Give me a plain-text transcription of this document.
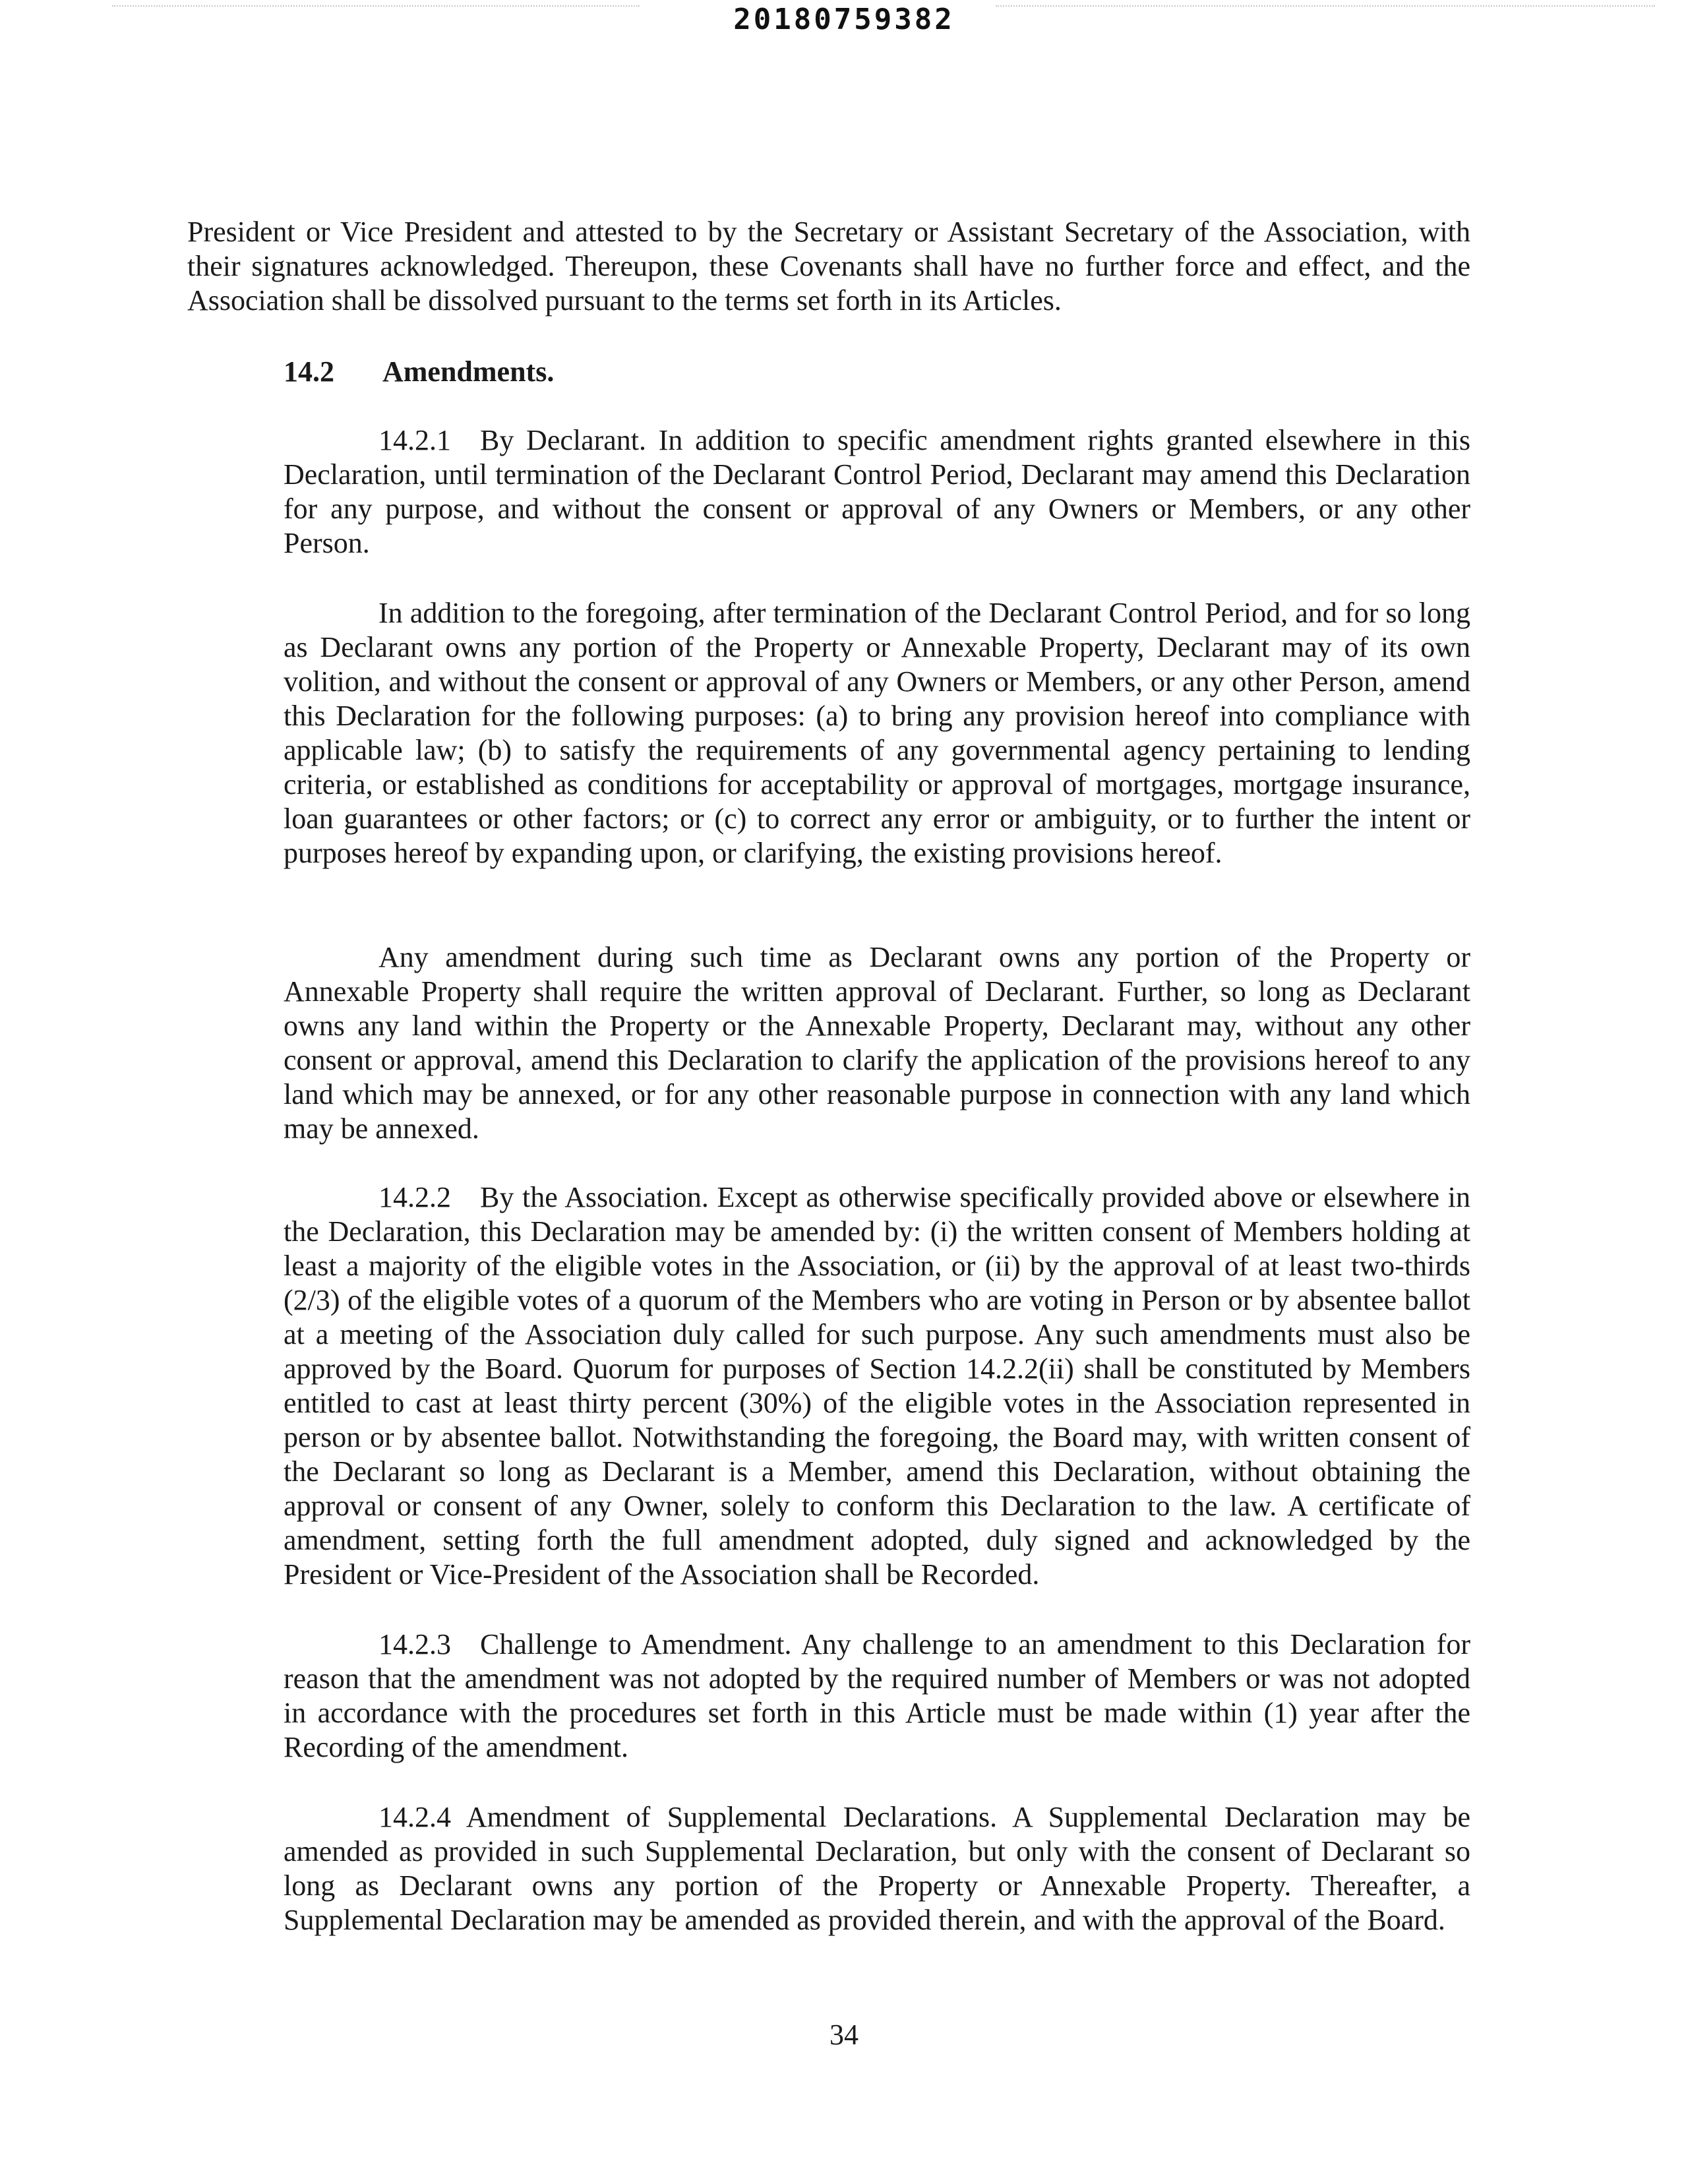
20180759382
President or Vice President and attested to by the Secretary or Assistant Secretary of the Association, with their signatures acknowledged. Thereupon, these Covenants shall have no further force and effect, and the Association shall be dissolved pursuant to the terms set forth in its Articles.
14.2 Amendments.
14.2.1 By Declarant. In addition to specific amendment rights granted elsewhere in this Declaration, until termination of the Declarant Control Period, Declarant may amend this Declaration for any purpose, and without the consent or approval of any Owners or Members, or any other Person.
In addition to the foregoing, after termination of the Declarant Control Period, and for so long as Declarant owns any portion of the Property or Annexable Property, Declarant may of its own volition, and without the consent or approval of any Owners or Members, or any other Person, amend this Declaration for the following purposes: (a) to bring any provision hereof into compliance with applicable law; (b) to satisfy the requirements of any governmental agency pertaining to lending criteria, or established as conditions for acceptability or approval of mortgages, mortgage insurance, loan guarantees or other factors; or (c) to correct any error or ambiguity, or to further the intent or purposes hereof by expanding upon, or clarifying, the existing provisions hereof.
Any amendment during such time as Declarant owns any portion of the Property or Annexable Property shall require the written approval of Declarant. Further, so long as Declarant owns any land within the Property or the Annexable Property, Declarant may, without any other consent or approval, amend this Declaration to clarify the application of the provisions hereof to any land which may be annexed, or for any other reasonable purpose in connection with any land which may be annexed.
14.2.2 By the Association. Except as otherwise specifically provided above or elsewhere in the Declaration, this Declaration may be amended by: (i) the written consent of Members holding at least a majority of the eligible votes in the Association, or (ii) by the approval of at least two-thirds (2/3) of the eligible votes of a quorum of the Members who are voting in Person or by absentee ballot at a meeting of the Association duly called for such purpose. Any such amendments must also be approved by the Board. Quorum for purposes of Section 14.2.2(ii) shall be constituted by Members entitled to cast at least thirty percent (30%) of the eligible votes in the Association represented in person or by absentee ballot. Notwithstanding the foregoing, the Board may, with written consent of the Declarant so long as Declarant is a Member, amend this Declaration, without obtaining the approval or consent of any Owner, solely to conform this Declaration to the law. A certificate of amendment, setting forth the full amendment adopted, duly signed and acknowledged by the President or Vice-President of the Association shall be Recorded.
14.2.3 Challenge to Amendment. Any challenge to an amendment to this Declaration for reason that the amendment was not adopted by the required number of Members or was not adopted in accordance with the procedures set forth in this Article must be made within (1) year after the Recording of the amendment.
14.2.4 Amendment of Supplemental Declarations. A Supplemental Declaration may be amended as provided in such Supplemental Declaration, but only with the consent of Declarant so long as Declarant owns any portion of the Property or Annexable Property. Thereafter, a Supplemental Declaration may be amended as provided therein, and with the approval of the Board.
34
